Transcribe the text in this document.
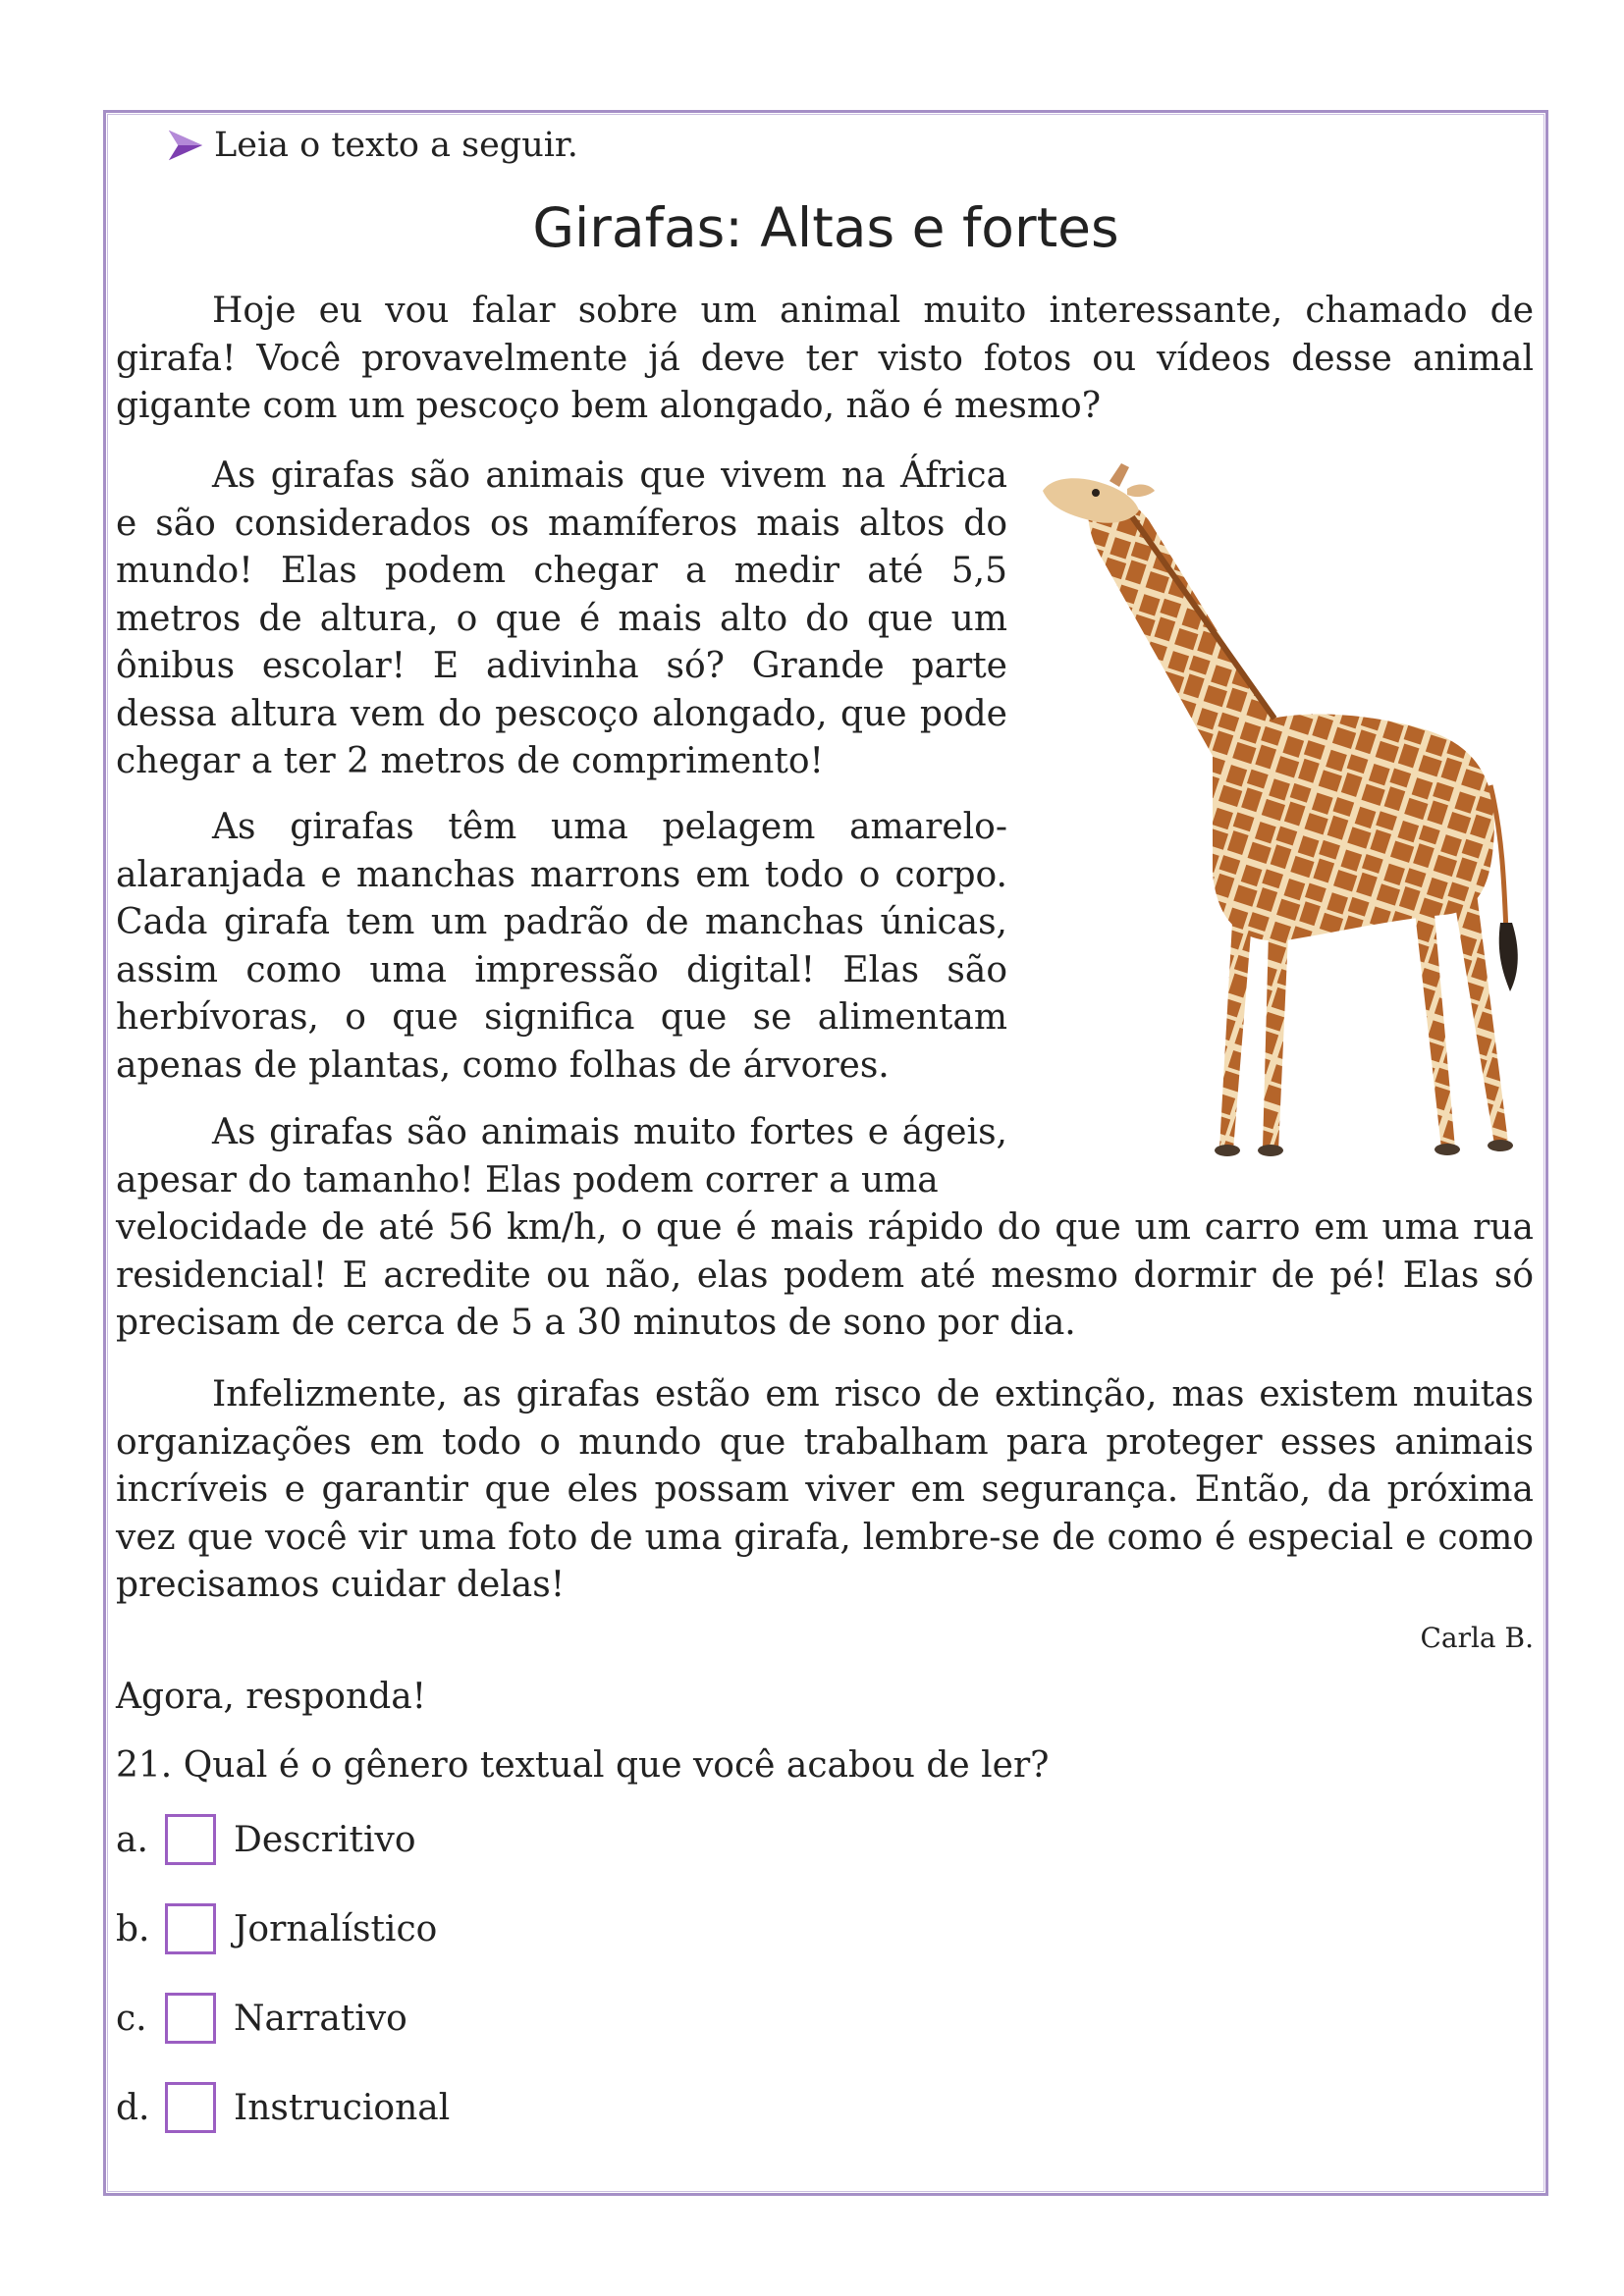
Leia o texto a seguir.
Girafas: Altas e fortes

Hoje eu vou falar sobre um animal muito interessante, chamado de girafa! Você provavelmente já deve ter visto fotos ou vídeos desse animal gigante com um pescoço bem alongado, não é mesmo?

As girafas são animais que vivem na África e são considerados os mamíferos mais altos do mundo! Elas podem chegar a medir até 5,5 metros de altura, o que é mais alto do que um ônibus escolar! E adivinha só? Grande parte dessa altura vem do pescoço alongado, que pode chegar a ter 2 metros de comprimento!

As girafas têm uma pelagem amarelo-alaranjada e manchas marrons em todo o corpo. Cada girafa tem um padrão de manchas únicas, assim como uma impressão digital! Elas são herbívoras, o que significa que se alimentam apenas de plantas, como folhas de árvores.

As girafas são animais muito fortes e ágeis, apesar do tamanho! Elas podem correr a uma

velocidade de até 56 km/h, o que é mais rápido do que um carro em uma rua residencial! E acredite ou não, elas podem até mesmo dormir de pé! Elas só precisam de cerca de 5 a 30 minutos de sono por dia.

Infelizmente, as girafas estão em risco de extinção, mas existem muitas organizações em todo o mundo que trabalham para proteger esses animais incríveis e garantir que eles possam viver em segurança. Então, da próxima vez que você vir uma foto de uma girafa, lembre-se de como é especial e como precisamos cuidar delas!

Carla B.
Agora, responda!
21. Qual é o gênero textual que você acabou de ler?
a.	Descritivo
b.	Jornalístico
c.	Narrativo
d.	Instrucional
